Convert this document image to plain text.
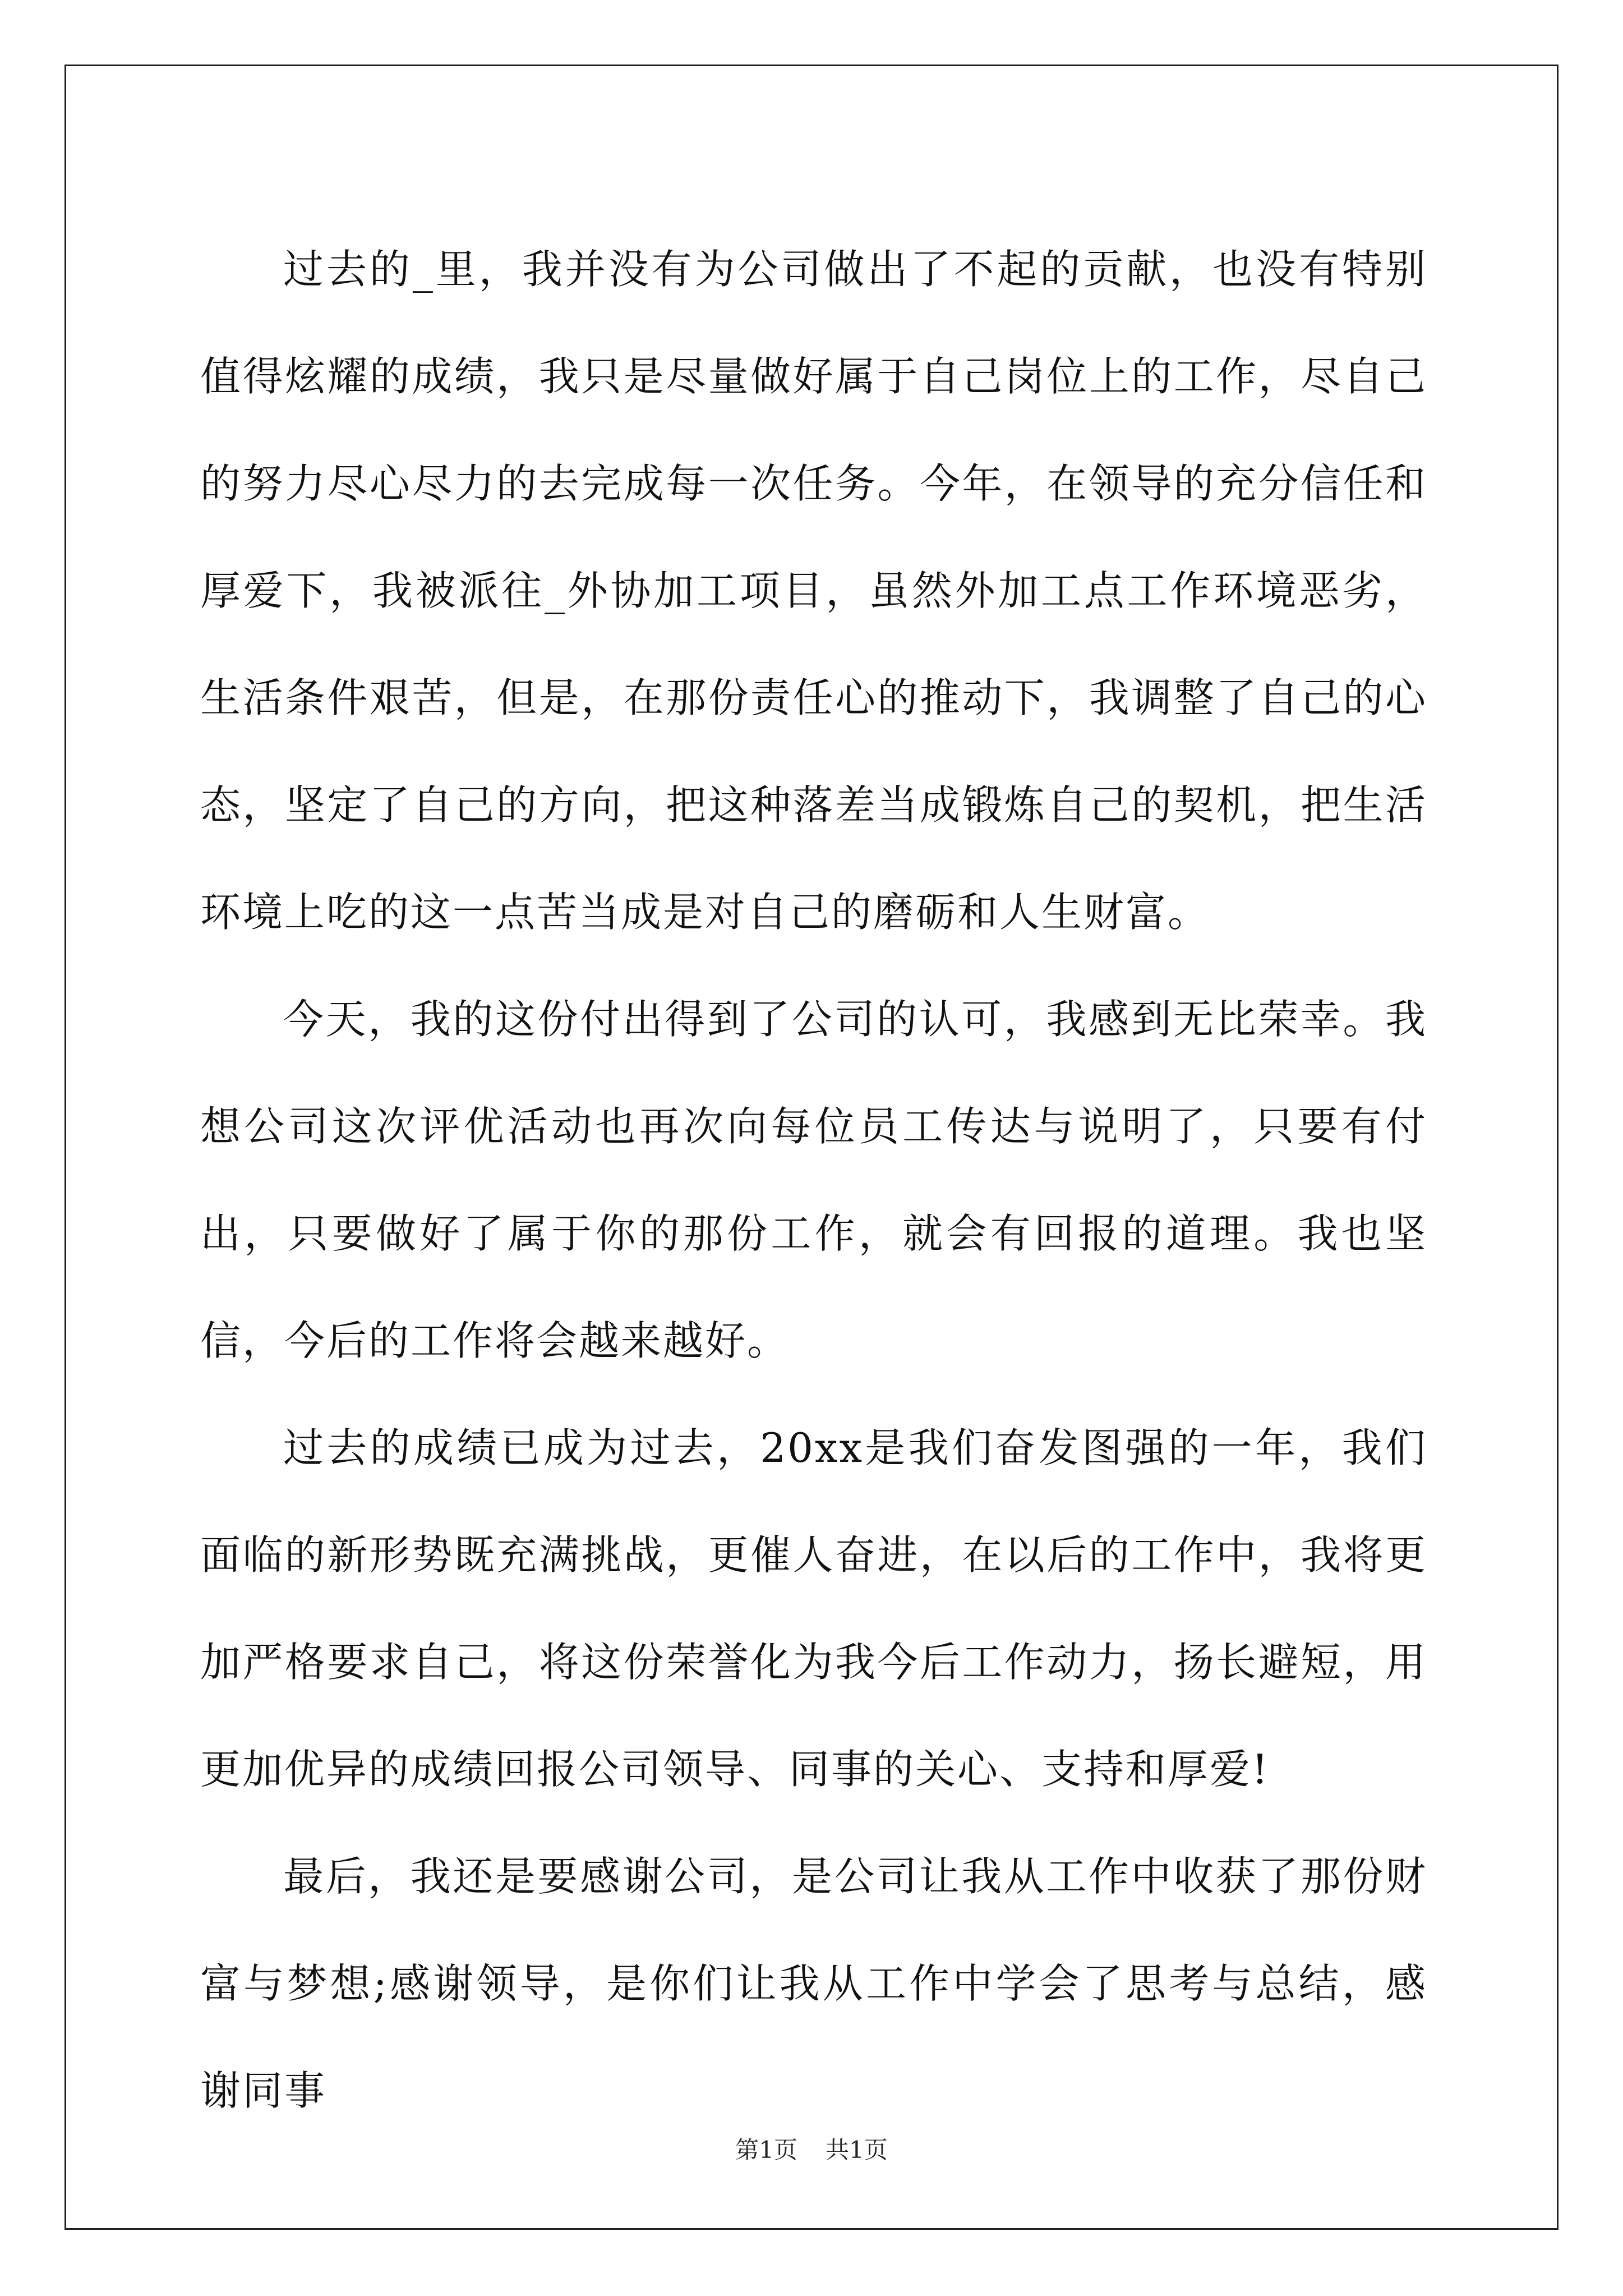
过去的_里，我并没有为公司做出了不起的贡献，也没有特别值得炫耀的成绩，我只是尽量做好属于自己岗位上的工作，尽自己的努力尽心尽力的去完成每一次任务。今年，在领导的充分信任和厚爱下，我被派往_外协加工项目，虽然外加工点工作环境恶劣，生活条件艰苦，但是，在那份责任心的推动下，我调整了自己的心态，坚定了自己的方向，把这种落差当成锻炼自己的契机，把生活环境上吃的这一点苦当成是对自己的磨砺和人生财富。

今天，我的这份付出得到了公司的认可，我感到无比荣幸。我想公司这次评优活动也再次向每位员工传达与说明了，只要有付出，只要做好了属于你的那份工作，就会有回报的道理。我也坚信，今后的工作将会越来越好。

过去的成绩已成为过去，20xx是我们奋发图强的一年，我们面临的新形势既充满挑战，更催人奋进，在以后的工作中，我将更加严格要求自己，将这份荣誉化为我今后工作动力，扬长避短，用更加优异的成绩回报公司领导、同事的关心、支持和厚爱!

最后，我还是要感谢公司，是公司让我从工作中收获了那份财富与梦想;感谢领导，是你们让我从工作中学会了思考与总结，感谢同事

第1页 共1页
